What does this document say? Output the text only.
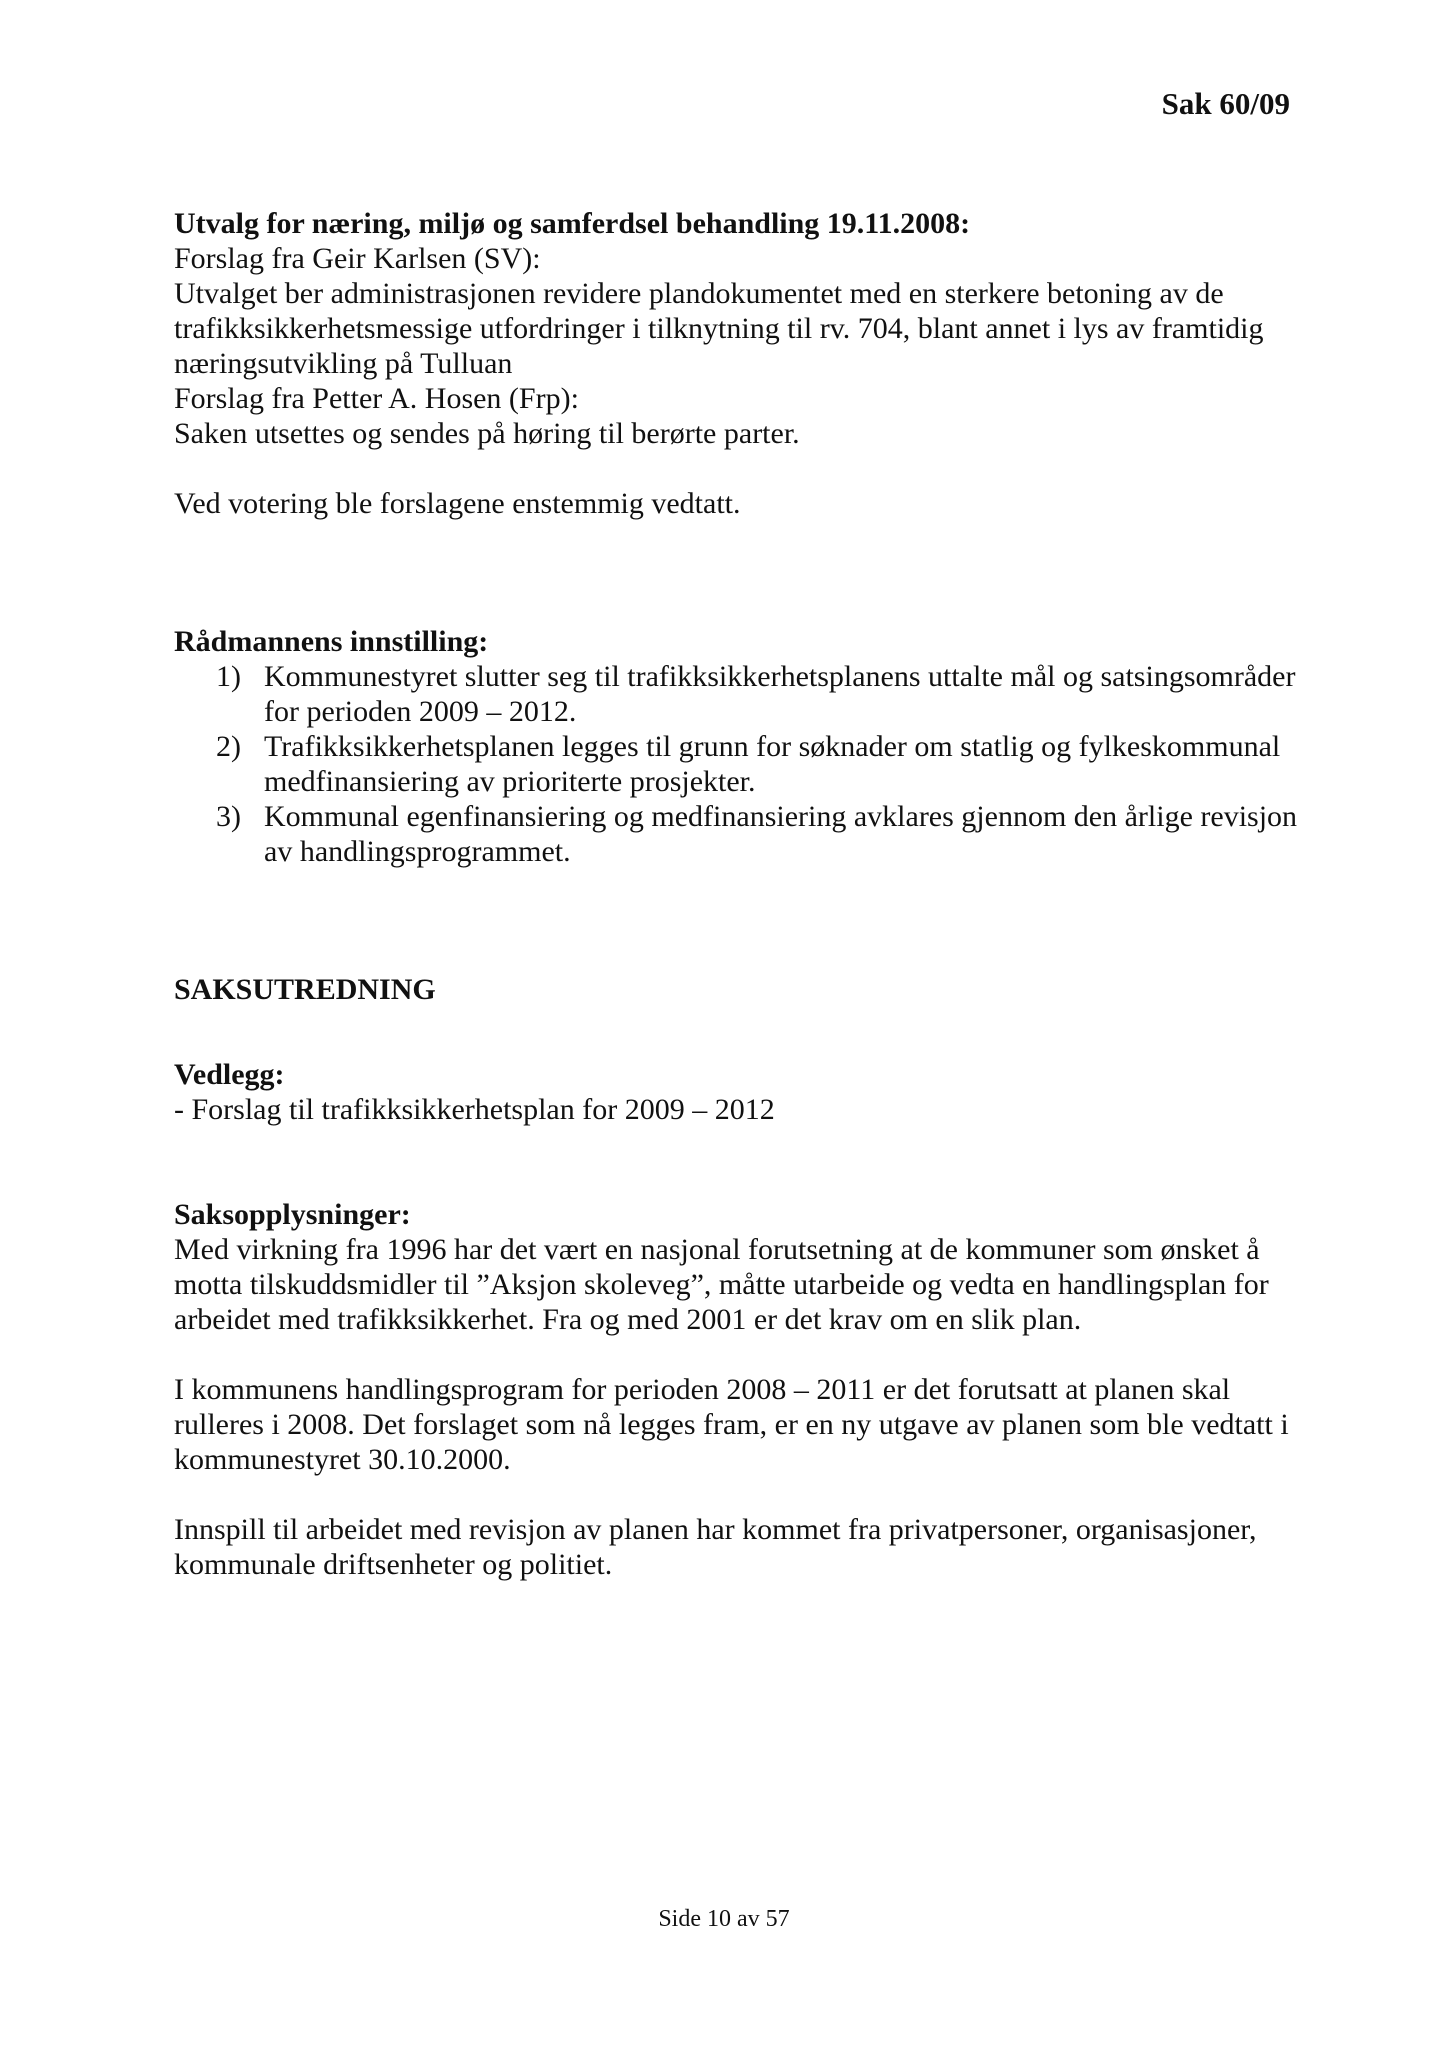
Sak 60/09
Utvalg for næring, miljø og samferdsel behandling 19.11.2008:
Forslag fra Geir Karlsen (SV):
Utvalget ber administrasjonen revidere plandokumentet med en sterkere betoning av de
trafikksikkerhetsmessige utfordringer i tilknytning til rv. 704, blant annet i lys av framtidig
næringsutvikling på Tulluan
Forslag fra Petter A. Hosen (Frp):
Saken utsettes og sendes på høring til berørte parter.
Ved votering ble forslagene enstemmig vedtatt.
Rådmannens innstilling:
1) Kommunestyret slutter seg til trafikksikkerhetsplanens uttalte mål og satsingsområder
for perioden 2009 – 2012.
2) Trafikksikkerhetsplanen legges til grunn for søknader om statlig og fylkeskommunal
medfinansiering av prioriterte prosjekter.
3) Kommunal egenfinansiering og medfinansiering avklares gjennom den årlige revisjon
av handlingsprogrammet.
SAKSUTREDNING
Vedlegg:
- Forslag til trafikksikkerhetsplan for 2009 – 2012
Saksopplysninger:
Med virkning fra 1996 har det vært en nasjonal forutsetning at de kommuner som ønsket å
motta tilskuddsmidler til ”Aksjon skoleveg”, måtte utarbeide og vedta en handlingsplan for
arbeidet med trafikksikkerhet. Fra og med 2001 er det krav om en slik plan.
I kommunens handlingsprogram for perioden 2008 – 2011 er det forutsatt at planen skal
rulleres i 2008. Det forslaget som nå legges fram, er en ny utgave av planen som ble vedtatt i
kommunestyret 30.10.2000.
Innspill til arbeidet med revisjon av planen har kommet fra privatpersoner, organisasjoner,
kommunale driftsenheter og politiet.
Side 10 av 57
